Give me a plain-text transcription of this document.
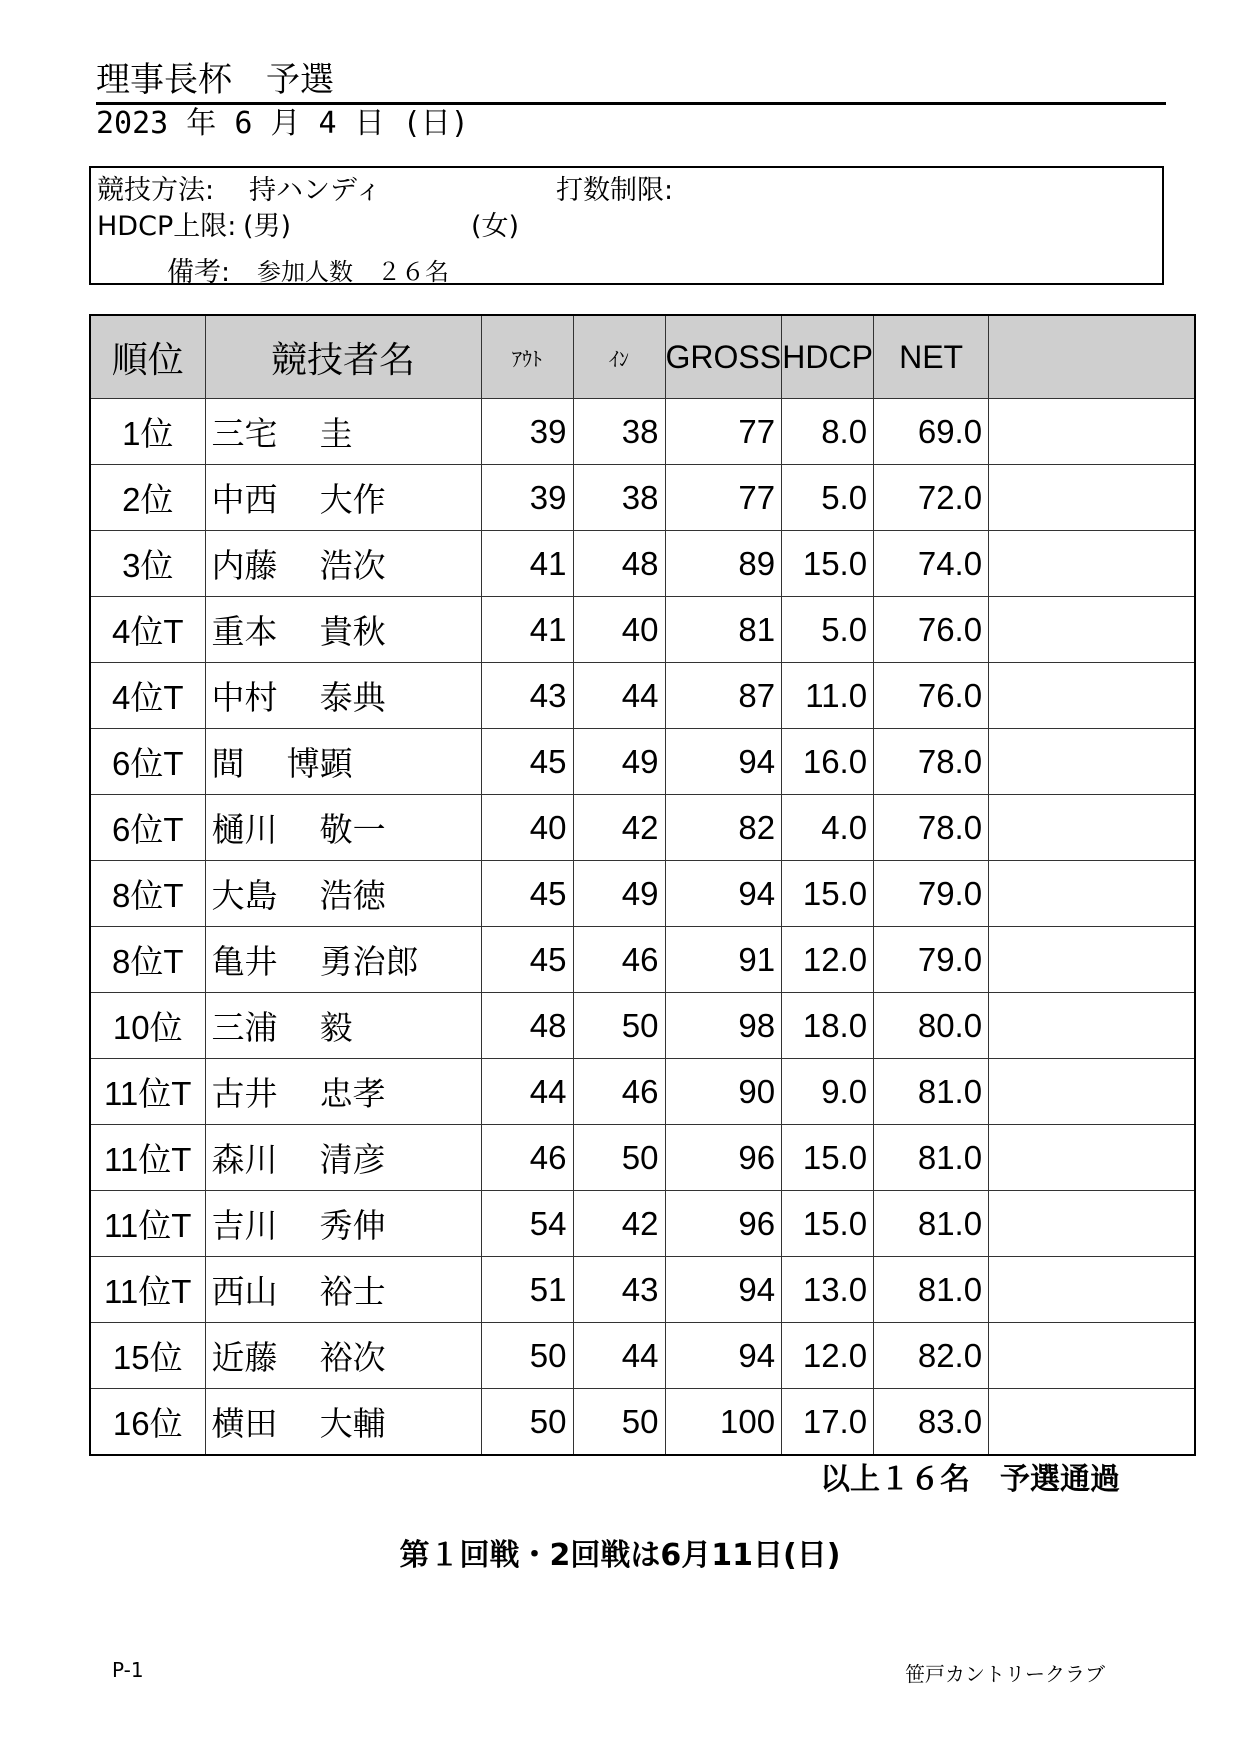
理事長杯　予選
2023 年 6 月 4 日 (日)
競技方法: 持ハンディ	打数制限:
HDCP上限: (男)	(女)
備考: 参加人数　２６名
順位	競技者名	ｱｳﾄ	ｲﾝ	GROSS	HDCP	NET	
1位	三宅　 圭	39	38	77	8.0	69.0	
2位	中西　 大作	39	38	77	5.0	72.0	
3位	内藤　 浩次	41	48	89	15.0	74.0	
4位T	重本　 貴秋	41	40	81	5.0	76.0	
4位T	中村　 泰典	43	44	87	11.0	76.0	
6位T	間　 博顕	45	49	94	16.0	78.0	
6位T	樋川　 敬一	40	42	82	4.0	78.0	
8位T	大島　 浩徳	45	49	94	15.0	79.0	
8位T	亀井　 勇治郎	45	46	91	12.0	79.0	
10位	三浦　 毅	48	50	98	18.0	80.0	
11位T	古井　 忠孝	44	46	90	9.0	81.0	
11位T	森川　 清彦	46	50	96	15.0	81.0	
11位T	吉川　 秀伸	54	42	96	15.0	81.0	
11位T	西山　 裕士	51	43	94	13.0	81.0	
15位	近藤　 裕次	50	44	94	12.0	82.0	
16位	横田　 大輔	50	50	100	17.0	83.0	
以上１６名　予選通過
第１回戦・2回戦は6月11日(日)
P-1	笹戸カントリークラブ
